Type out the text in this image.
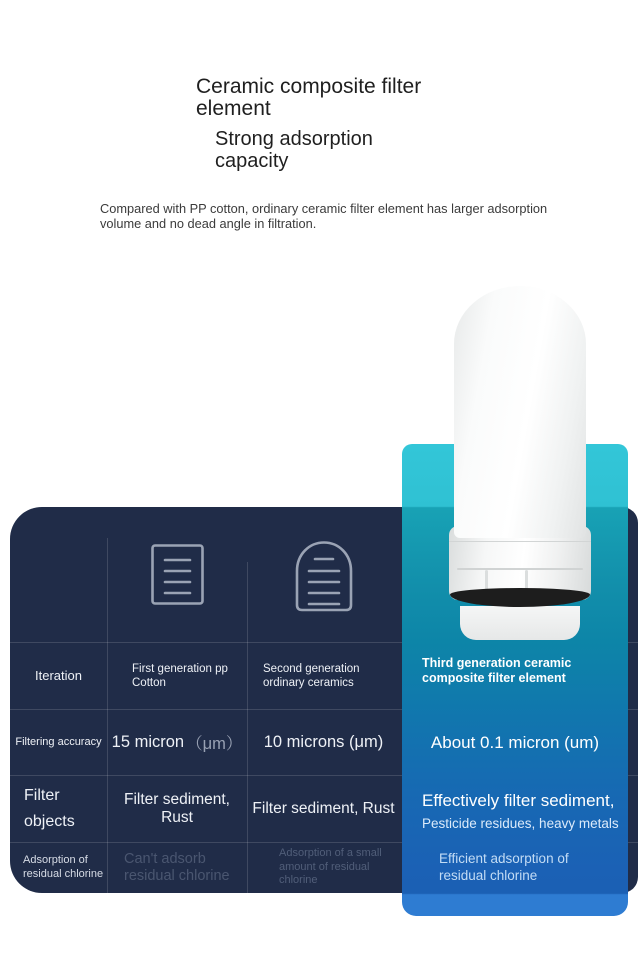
Ceramic composite filter element
Strong adsorption capacity
Compared with PP cotton, ordinary ceramic filter element has larger adsorption volume and no dead angle in filtration.
Iteration	First generation pp Cotton
Second generation ordinary ceramics
Filtering accuracy 15 micron （μm）	10 microns (μm)
Filter objects
Filter sediment, Rust
Filter sediment, Rust
Adsorption of residual chlorine
Can't adsorb residual chlorine
Adsorption of a small amount of residual chlorine
Third generation ceramic composite filter element
About 0.1 micron (um)
Effectively filter sediment,
Pesticide residues, heavy metals
Efficient adsorption of residual chlorine
